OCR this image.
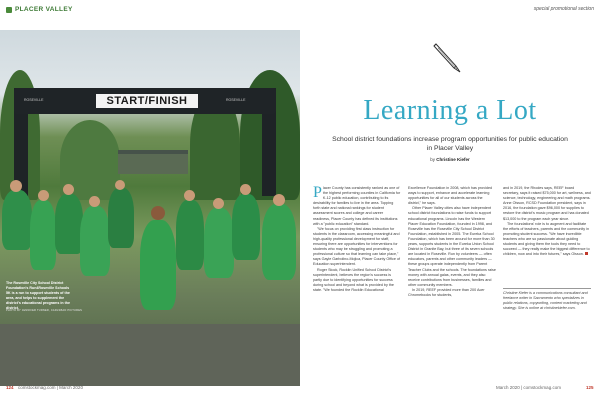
PLACER VALLEY	special promotional section
ROSEVILLE	ROSEVILLE
START/FINISH
The Roseville City School District Foundation's Run4Roseville Schools 5K is a run to support students of the area, and helps to supplement the district's educational programs in the district.
PHOTO BY JENNIFER TURNER, CARLSBAD PICTURES
Learning a Lot
School district foundations increase program opportunities for public education in Placer Valley
by Christine Kiefer

Placer County has consistently ranked as one of the highest performing counties in California for K-12 public education, contributing to its desirability for families to live in the area. Topping forth state and national rankings for student assessment scores and college and career readiness, Placer County has defined its institutions with a "public education" standard.

"We focus on providing first class instruction for students in the classroom, accessing meaningful and high-quality professional development for staff, ensuring there are opportunities for interventions for students who may be struggling and promoting a professional culture so that learning can take place," says Gayle Garbolino-Mojica, Placer County Office of Education superintendent.

Roger Stock, Rocklin Unified School District's superintendent, believes the region's success is partly due to identifying opportunities for success during school and beyond what is provided by the state. "We founded the Rocklin Educational

Excellence Foundation in 2008, which has provided ways to support, enhance and accelerate learning opportunities for all of our students across the district," he says.

Other Placer Valley cities also have independent school district foundations to raise funds to support educational programs. Lincoln has the Western Placer Education Foundation, founded in 1998, and Roseville has the Roseville City School District Foundation, established in 2005. The Eureka School Foundation, which has been around for more than 30 years, supports students in the Eureka Union School District in Granite Bay, but three of its seven schools are located in Roseville. Run by volunteers — often educators, parents and other community leaders — these groups operate independently from Parent Teacher Clubs and the schools. The foundations raise money with annual galas, events, and they also receive contributions from businesses, families and other community members.

In 2019, REEF provided more than 200 Acer Chromebooks for students,

and in 2019, the Rhodes says, REEF board secretary, says it raised $75,000 for art, wellness, and science, technology, engineering and math programs. Anne Olsson, RCSD Foundation president, says in 2016, the foundation gave $96,000 for supplies to restore the district's music program and has donated $13,000 to the program each year since.

The foundations' role is to augment and facilitate the efforts of teachers, parents and the community in promoting student success. "We have incredible teachers who are so passionate about guiding students and giving them the tools they need to succeed — they really make the biggest difference to children, now and into their futures," says Olsson.

Christine Kiefer is a communications consultant and freelance writer in Sacramento who specializes in public relations, copywriting, content marketing and strategy. She is online at christinekiefer.com.
124 comstockmag.com | March 2020	March 2020 | comstockmag.com	125
